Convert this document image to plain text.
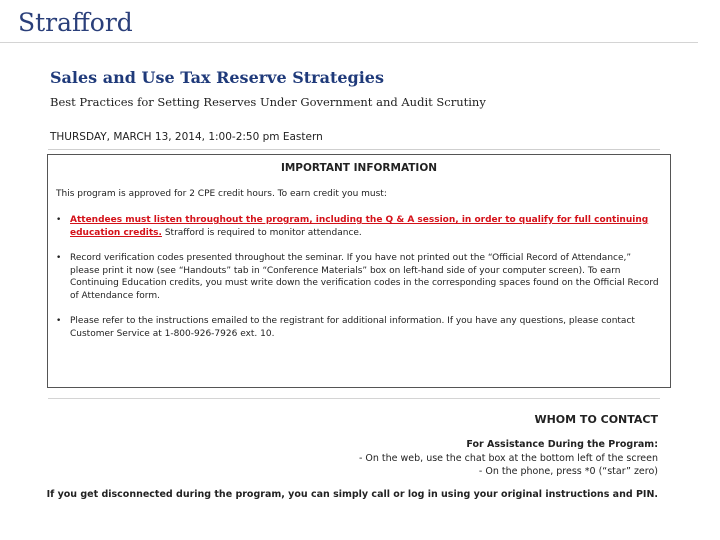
Strafford
Sales and Use Tax Reserve Strategies
Best Practices for Setting Reserves Under Government and Audit Scrutiny
THURSDAY, MARCH 13, 2014, 1:00-2:50 pm Eastern
IMPORTANT INFORMATION
This program is approved for 2 CPE credit hours. To earn credit you must:
• Attendees must listen throughout the program, including the Q & A session, in order to qualify for full continuing education credits. Strafford is required to monitor attendance.
• Record verification codes presented throughout the seminar. If you have not printed out the “Official Record of Attendance,” please print it now (see “Handouts” tab in “Conference Materials” box on left-hand side of your computer screen). To earn Continuing Education credits, you must write down the verification codes in the corresponding spaces found on the Official Record of Attendance form.
• Please refer to the instructions emailed to the registrant for additional information. If you have any questions, please contact Customer Service at 1-800-926-7926 ext. 10.
WHOM TO CONTACT
For Assistance During the Program:
- On the web, use the chat box at the bottom left of the screen
- On the phone, press *0 (“star” zero)
If you get disconnected during the program, you can simply call or log in using your original instructions and PIN.
